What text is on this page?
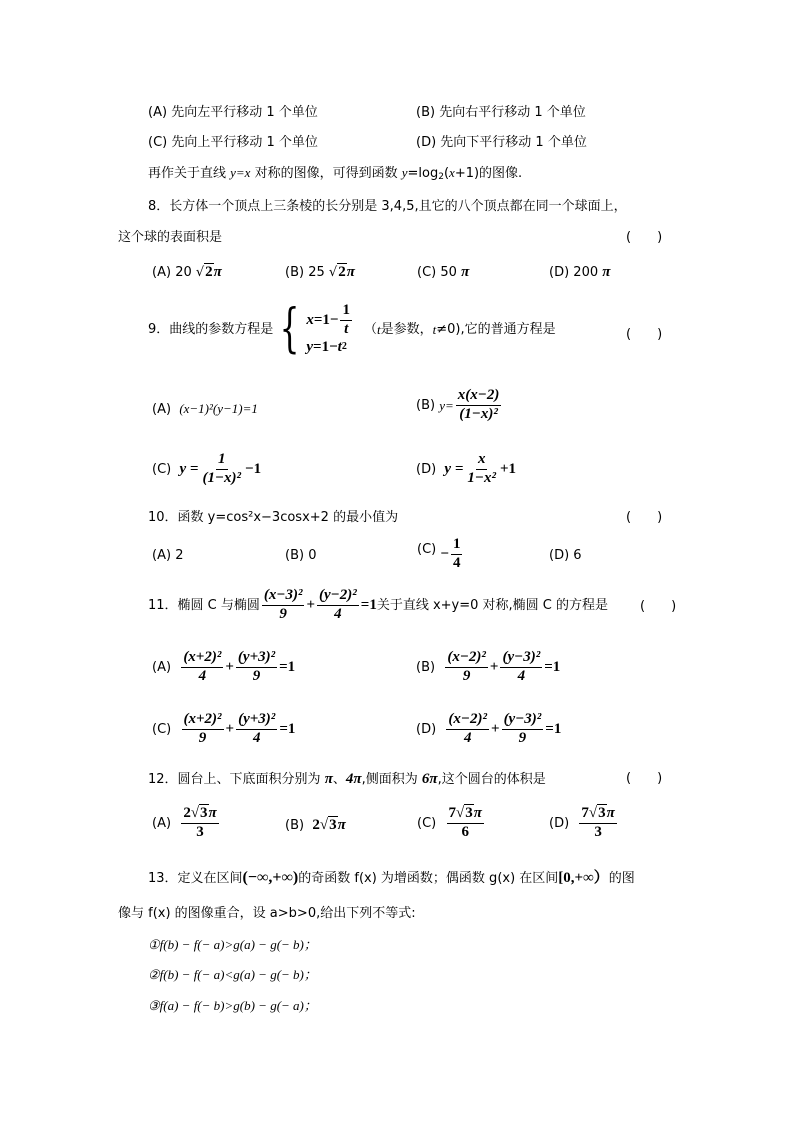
(A) 先向左平行移动 1 个单位	(B) 先向右平行移动 1 个单位
(C) 先向上平行移动 1 个单位	(D) 先向下平行移动 1 个单位
再作关于直线 y=x 对称的图像，可得到函数 $y=\log_2(x+1)$的图像.
8．长方体一个顶点上三条棱的长分别是 3,4,5,且它的八个顶点都在同一个球面上，
这个球的表面积是	(　　)
(A) 20 √2π	(B) 25 √2π	(C) 50 π	(D) 200 π
9．曲线的参数方程是 { $x =1- \frac{1}{t}$
y =1− t 2
（ t 是参数， t ≠0),它的普通方程是	(　　)
(A) (x−1)²(y−1)=1	(B)
$y= \frac{x(x-2)}{\text{(1−x)²}}$
(C)
$y = \frac{1}{\text{(1−x)²}} -1$	(D)
$y = \frac{x}{\text{1−x²}} +1$
10．函数 y=cos²x−3cosx+2 的最小值为	(　　)
(A) 2	(B) 0	(C)
− $\frac{1}{4}$	(D) 6
11．椭圆 C 与椭圆 $\frac{\text{(x−3)²}}{9} + \frac{\text{(y−2)²}}{4} =1$ 关于直线 x+y=0 对称,椭圆 C 的方程是 (　　)
(A)
$\frac{\text{(x+2)²}}{4} + \frac{\text{(y+3)²}}{9} =1$	(B)
$\frac{\text{(x−2)²}}{9} + \frac{\text{(y−3)²}}{4} =1$
(C)
$\frac{\text{(x+2)²}}{9} + \frac{\text{(y+3)²}}{4} =1$	(D)
$\frac{\text{(x−2)²}}{4} + \frac{\text{(y−3)²}}{9} =1$
12．圆台上、下底面积分别为 π、4π,侧面积为 6π,这个圆台的体积是	(　　)
(A)
$\frac{2√3\pi}{3}$	(B) 2√3π	(C)
$\frac{7√3\pi}{6}$	(D)
$\frac{7√3\pi}{3}$
13．定义在区间(−∞,+∞)的奇函数 f(x) 为增函数；偶函数 g(x) 在区间[0,+∞）的图
像与 f(x) 的图像重合，设 a>b>0,给出下列不等式:
①f(b) − f(− a)>g(a) − g(− b)；
②f(b) − f(− a)<g(a) − g(− b)；
③f(a) − f(− b)>g(b) − g(− a)；
